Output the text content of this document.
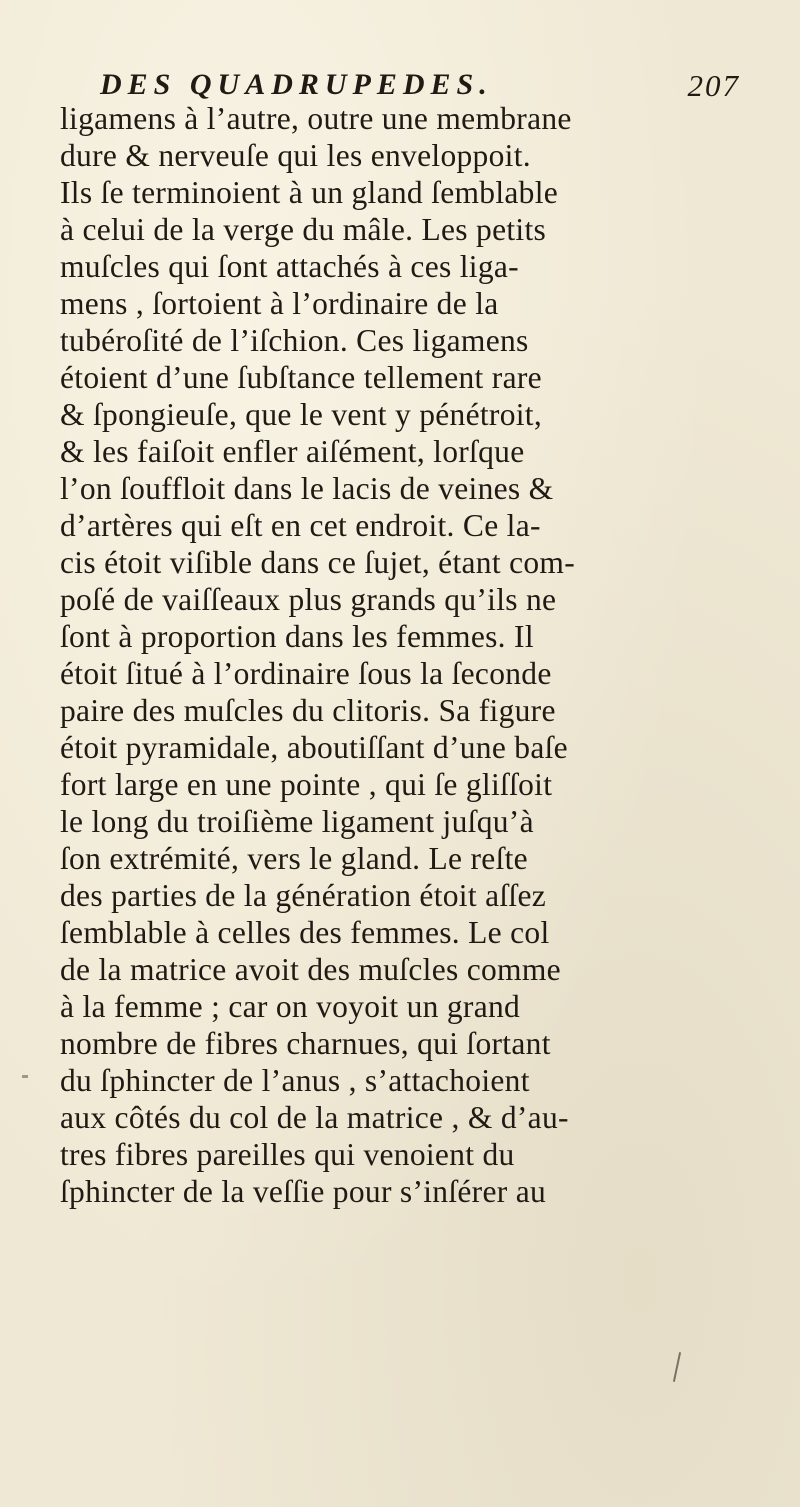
DES QUADRUPEDES.	207
ligamens à l’autre, outre une membrane
dure & nerveuſe qui les enveloppoit.
Ils ſe terminoient à un gland ſemblable
à celui de la verge du mâle. Les petits
muſcles qui ſont attachés à ces liga-
mens , ſortoient à l’ordinaire de la
tubéroſité de l’iſchion. Ces ligamens
étoient d’une ſubſtance tellement rare
& ſpongieuſe, que le vent y pénétroit,
& les faiſoit enfler aiſément, lorſque
l’on ſouffloit dans le lacis de veines &
d’artères qui eſt en cet endroit. Ce la-
cis étoit viſible dans ce ſujet, étant com-
poſé de vaiſſeaux plus grands qu’ils ne
ſont à proportion dans les femmes. Il
étoit ſitué à l’ordinaire ſous la ſeconde
paire des muſcles du clitoris. Sa figure
étoit pyramidale, aboutiſſant d’une baſe
fort large en une pointe , qui ſe gliſſoit
le long du troiſième ligament juſqu’à
ſon extrémité, vers le gland. Le reſte
des parties de la génération étoit aſſez
ſemblable à celles des femmes. Le col
de la matrice avoit des muſcles comme
à la femme ; car on voyoit un grand
nombre de fibres charnues, qui ſortant
du ſphincter de l’anus , s’attachoient
aux côtés du col de la matrice , & d’au-
tres fibres pareilles qui venoient du
ſphincter de la veſſie pour s’inſérer au
